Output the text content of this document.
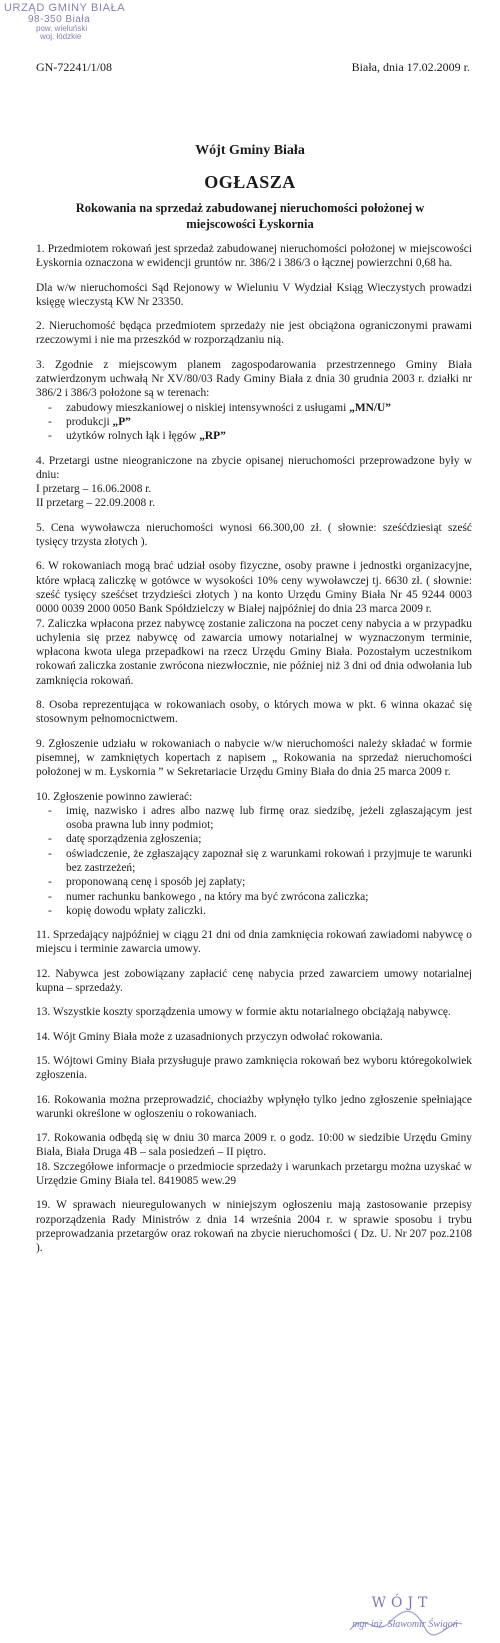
URZĄD GMINY BIAŁA
98-350 Biała
pow. wieluński
woj. łódzkie
GN-72241/1/08	Biała, dnia 17.02.2009 r.
Wójt Gminy Biała
OGŁASZA
Rokowania na sprzedaż zabudowanej nieruchomości położonej w miejscowości Łyskornia

1. Przedmiotem rokowań jest sprzedaż zabudowanej nieruchomości położonej w miejscowości Łyskornia oznaczona w ewidencji gruntów nr. 386/2 i 386/3 o łącznej powierzchni 0,68 ha.

Dla w/w nieruchomości Sąd Rejonowy w Wieluniu V Wydział Ksiąg Wieczystych prowadzi księgę wieczystą KW Nr 23350.

2. Nieruchomość będąca przedmiotem sprzedaży nie jest obciążona ograniczonymi prawami rzeczowymi i nie ma przeszkód w rozporządzaniu nią.

3. Zgodnie z miejscowym planem zagospodarowania przestrzennego Gminy Biała zatwierdzonym uchwałą Nr XV/80/03 Rady Gminy Biała z dnia 30 grudnia 2003 r. działki nr 386/2 i 386/3 położone są w terenach:

- zabudowy mieszkaniowej o niskiej intensywności z usługami „MN/U”
- produkcji „P”
- użytków rolnych łąk i łęgów „RP”

4. Przetargi ustne nieograniczone na zbycie opisanej nieruchomości przeprowadzone były w dniu:

I przetarg – 16.06.2008 r.

II przetarg – 22.09.2008 r.

5. Cena wywoławcza nieruchomości wynosi 66.300,00 zł. ( słownie: sześćdziesiąt sześć tysięcy trzysta złotych ).

6. W rokowaniach mogą brać udział osoby fizyczne, osoby prawne i jednostki organizacyjne, które wpłacą zaliczkę w gotówce w wysokości 10% ceny wywoławczej tj. 6630 zł. ( słownie: sześć tysięcy sześćset trzydzieści złotych ) na konto Urzędu Gminy Biała Nr 45 9244 0003 0000 0039 2000 0050 Bank Spółdzielczy w Białej najpóźniej do dnia 23 marca 2009 r.

7. Zaliczka wpłacona przez nabywcę zostanie zaliczona na poczet ceny nabycia a w przypadku uchylenia się przez nabywcę od zawarcia umowy notarialnej w wyznaczonym terminie, wpłacona kwota ulega przepadkowi na rzecz Urzędu Gminy Biała. Pozostałym uczestnikom rokowań zaliczka zostanie zwrócona niezwłocznie, nie później niż 3 dni od dnia odwołania lub zamknięcia rokowań.

8. Osoba reprezentująca w rokowaniach osoby, o których mowa w pkt. 6 winna okazać się stosownym pełnomocnictwem.

9. Zgłoszenie udziału w rokowaniach o nabycie w/w nieruchomości należy składać w formie pisemnej, w zamkniętych kopertach z napisem „ Rokowania na sprzedaż nieruchomości położonej w m. Łyskornia ” w Sekretariacie Urzędu Gminy Biała do dnia 25 marca 2009 r.

10. Zgłoszenie powinno zawierać:

- imię, nazwisko i adres albo nazwę lub firmę oraz siedzibę, jeżeli zgłaszającym jest osoba prawna lub inny podmiot;
- datę sporządzenia zgłoszenia;
- oświadczenie, że zgłaszający zapoznał się z warunkami rokowań i przyjmuje te warunki bez zastrzeżeń;
- proponowaną cenę i sposób jej zapłaty;
- numer rachunku bankowego , na który ma być zwrócona zaliczka;
- kopię dowodu wpłaty zaliczki.

11. Sprzedający najpóźniej w ciągu 21 dni od dnia zamknięcia rokowań zawiadomi nabywcę o miejscu i terminie zawarcia umowy.

12. Nabywca jest zobowiązany zapłacić cenę nabycia przed zawarciem umowy notarialnej kupna – sprzedaży.

13. Wszystkie koszty sporządzenia umowy w formie aktu notarialnego obciążają nabywcę.

14. Wójt Gminy Biała może z uzasadnionych przyczyn odwołać rokowania.

15. Wójtowi Gminy Biała przysługuje prawo zamknięcia rokowań bez wyboru któregokolwiek zgłoszenia.

16. Rokowania można przeprowadzić, chociażby wpłynęło tylko jedno zgłoszenie spełniające warunki określone w ogłoszeniu o rokowaniach.

17. Rokowania odbędą się w dniu 30 marca 2009 r. o godz. 10:00 w siedzibie Urzędu Gminy Biała, Biała Druga 4B – sala posiedzeń – II piętro.

18. Szczegółowe informacje o przedmiocie sprzedaży i warunkach przetargu można uzyskać w Urzędzie Gminy Biała tel. 8419085 wew.29

19. W sprawach nieuregulowanych w niniejszym ogłoszeniu mają zastosowanie przepisy rozporządzenia Rady Ministrów z dnia 14 września 2004 r. w sprawie sposobu i trybu przeprowadzania przetargów oraz rokowań na zbycie nieruchomości ( Dz. U. Nr 207 poz.2108 ).

WÓJT
mgr inż. Sławomir Świgoń
